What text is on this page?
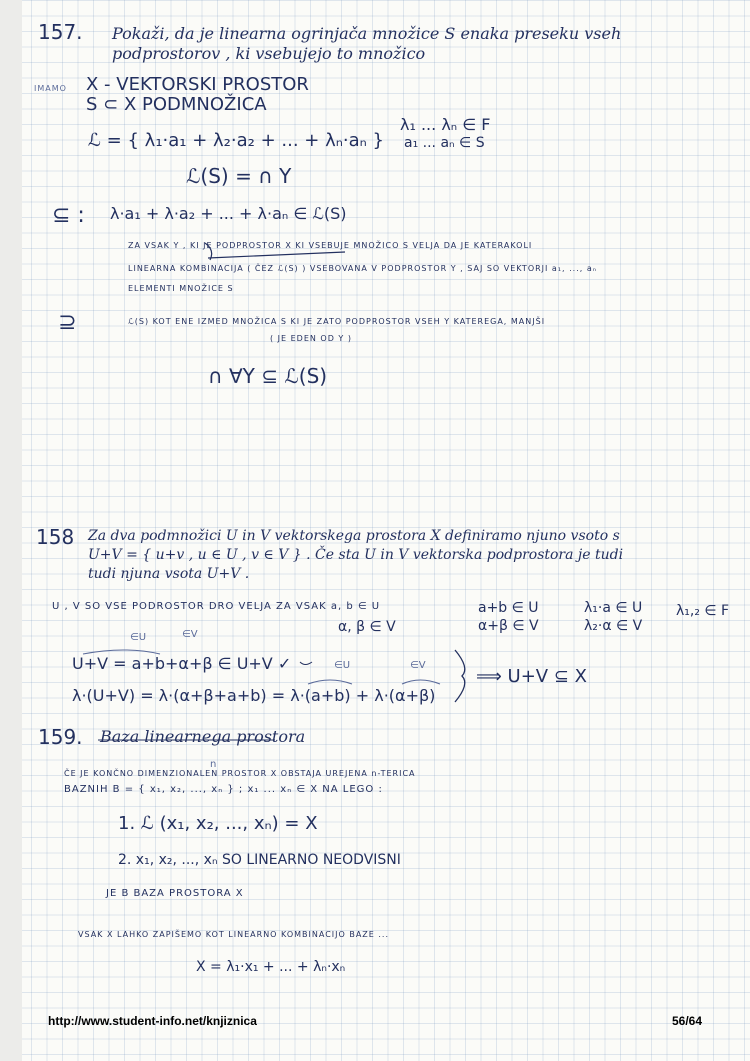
157. Pokaži, da je linearna ogrinjača množice S enaka preseku vseh
podprostorov , ki vsebujejo to množico
IMAMO X - VEKTORSKI PROSTOR
S ⊂ X PODMNOŽICA
ℒ = { λ₁·a₁ + λ₂·a₂ + ... + λₙ·aₙ }
λ₁ ... λₙ ∈ F
a₁ ... aₙ ∈ S
ℒ(S) = ∩ Y
⊆ : λ·a₁ + λ·a₂ + ... + λ·aₙ ∈ ℒ(S)
ZA VSAK Y , KI JE PODPROSTOR X KI VSEBUJE MNOŽICO S VELJA DA JE KATERAKOLI
LINEARNA KOMBINACIJA ( ČEZ ℒ(S) ) VSEBOVANA V PODPROSTOR Y , SAJ SO VEKTORJI a₁, ..., aₙ
ELEMENTI MNOŽICE S
⊇	ℒ(S) KOT ENE IZMED MNOŽICA S KI JE ZATO PODPROSTOR VSEH Y KATEREGA, MANJŠI
( JE EDEN OD Y )
∩ ∀Y ⊆ ℒ(S)
158 Za dva podmnožici U in V vektorskega prostora X definiramo njuno vsoto s
U+V = { u+v , u ∈ U , v ∈ V } . Če sta U in V vektorska podprostora je tudi
tudi njuna vsota U+V .
U , V SO VSE PODROSTOR DRO VELJA ZA VSAK a, b ∈ U
α, β ∈ V
a+b ∈ U
α+β ∈ V
λ₁·a ∈ U
λ₂·α ∈ V
λ₁,₂ ∈ F
∈U	∈V
U+V = a+b+α+β ∈ U+V ✓	∈U	∈V
λ·(U+V) = λ·(α+β+a+b) = λ·(a+b) + λ·(α+β)
⟹ U+V ⊆ X
159. Baza linearnega prostora
n
ČE JE KONČNO DIMENZIONALEN PROSTOR X OBSTAJA UREJENA n-TERICA
BAZNIH B = { x₁, x₂, ..., xₙ } ; x₁ ... xₙ ∈ X NA LEGO :
1. ℒ (x₁, x₂, ..., xₙ) = X
2. x₁, x₂, ..., xₙ SO LINEARNO NEODVISNI
JE B BAZA PROSTORA X
VSAK X LAHKO ZAPIŠEMO KOT LINEARNO KOMBINACIJO BAZE ...
X = λ₁·x₁ + ... + λₙ·xₙ
http://www.student-info.net/knjiznica	56/64
